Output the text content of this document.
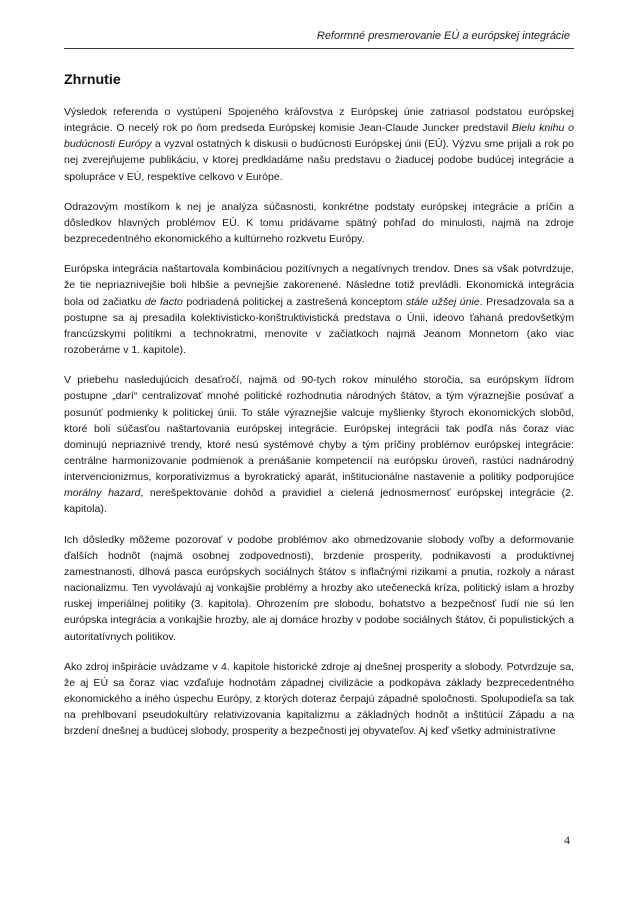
Reformné presmerovanie EÚ a európskej integrácie
Zhrnutie

Výsledok referenda o vystúpení Spojeného kráľovstva z Európskej únie zatriasol podstatou európskej integrácie. O necelý rok po ňom predseda Európskej komisie Jean-Claude Juncker predstavil Bielu knihu o budúcnosti Európy a vyzval ostatných k diskusii o budúcnosti Európskej únii (EÚ). Výzvu sme prijali a rok po nej zverejňujeme publikáciu, v ktorej predkladáme našu predstavu o žiaducej podobe budúcej integrácie a spolupráce v EÚ, respektíve celkovo v Európe.

Odrazovým mostíkom k nej je analýza súčasnosti, konkrétne podstaty európskej integrácie a príčin a dôsledkov hlavných problémov EÚ. K tomu pridávame spätný pohľad do minulosti, najmä na zdroje bezprecedentného ekonomického a kultúrneho rozkvetu Európy.

Európska integrácia naštartovala kombináciou pozitívnych a negatívnych trendov. Dnes sa však potvrdzuje, že tie nepriaznivejšie boli hlbšie a pevnejšie zakorenené. Následne totiž prevládli. Ekonomická integrácia bola od začiatku de facto podriadená politickej a zastrešená konceptom stále užšej únie. Presadzovala sa a postupne sa aj presadila kolektivisticko-konštruktivistická predstava o Únii, ideovo ťahaná predovšetkým francúzskymi politikmi a technokratmi, menovite v začiatkoch najmä Jeanom Monnetom (ako viac rozoberáme v 1. kapitole).

V priebehu nasledujúcich desaťročí, najmä od 90-tych rokov minulého storočia, sa európskym lídrom postupne „darí“ centralizovať mnohé politické rozhodnutia národných štátov, a tým výraznejšie posúvať a posunúť podmienky k politickej únii. To stále výraznejšie valcuje myšlienky štyroch ekonomických slobôd, ktoré boli súčasťou naštartovania európskej integrácie. Európskej integrácii tak podľa nás čoraz viac dominujú nepriaznivé trendy, ktoré nesú systémové chyby a tým príčiny problémov európskej integrácie: centrálne harmonizovanie podmienok a prenášanie kompetencií na európsku úroveň, rastúci nadnárodný intervencionizmus, korporativizmus a byrokratický aparát, inštitucionálne nastavenie a politiky podporujúce morálny hazard, nerešpektovanie dohôd a pravidiel a cielená jednosmernosť európskej integrácie (2. kapitola).

Ich dôsledky môžeme pozorovať v podobe problémov ako obmedzovanie slobody voľby a deformovanie ďalších hodnôt (najmä osobnej zodpovednosti), brzdenie prosperity, podnikavosti a produktívnej zamestnanosti, dlhová pasca európskych sociálnych štátov s inflačnými rizikami a pnutia, rozkoly a nárast nacionalizmu. Ten vyvolávajú aj vonkajšie problémy a hrozby ako utečenecká kríza, politický islam a hrozby ruskej imperiálnej politiky (3. kapitola). Ohrozením pre slobodu, bohatstvo a bezpečnosť ľudí nie sú len európska integrácia a vonkajšie hrozby, ale aj domáce hrozby v podobe sociálnych štátov, či populistických a autoritatívnych politikov.

Ako zdroj inšpirácie uvádzame v 4. kapitole historické zdroje aj dnešnej prosperity a slobody. Potvrdzuje sa, že aj EÚ sa čoraz viac vzďaľuje hodnotám západnej civilizácie a podkopáva základy bezprecedentného ekonomického a iného úspechu Európy, z ktorých doteraz čerpajú západné spoločnosti. Spolupodieľa sa tak na prehlbovaní pseudokultúry relativizovania kapitalizmu a základných hodnôt a inštitúcií Západu a na brzdení dnešnej a budúcej slobody, prosperity a bezpečnosti jej obyvateľov. Aj keď všetky administratívne

4
